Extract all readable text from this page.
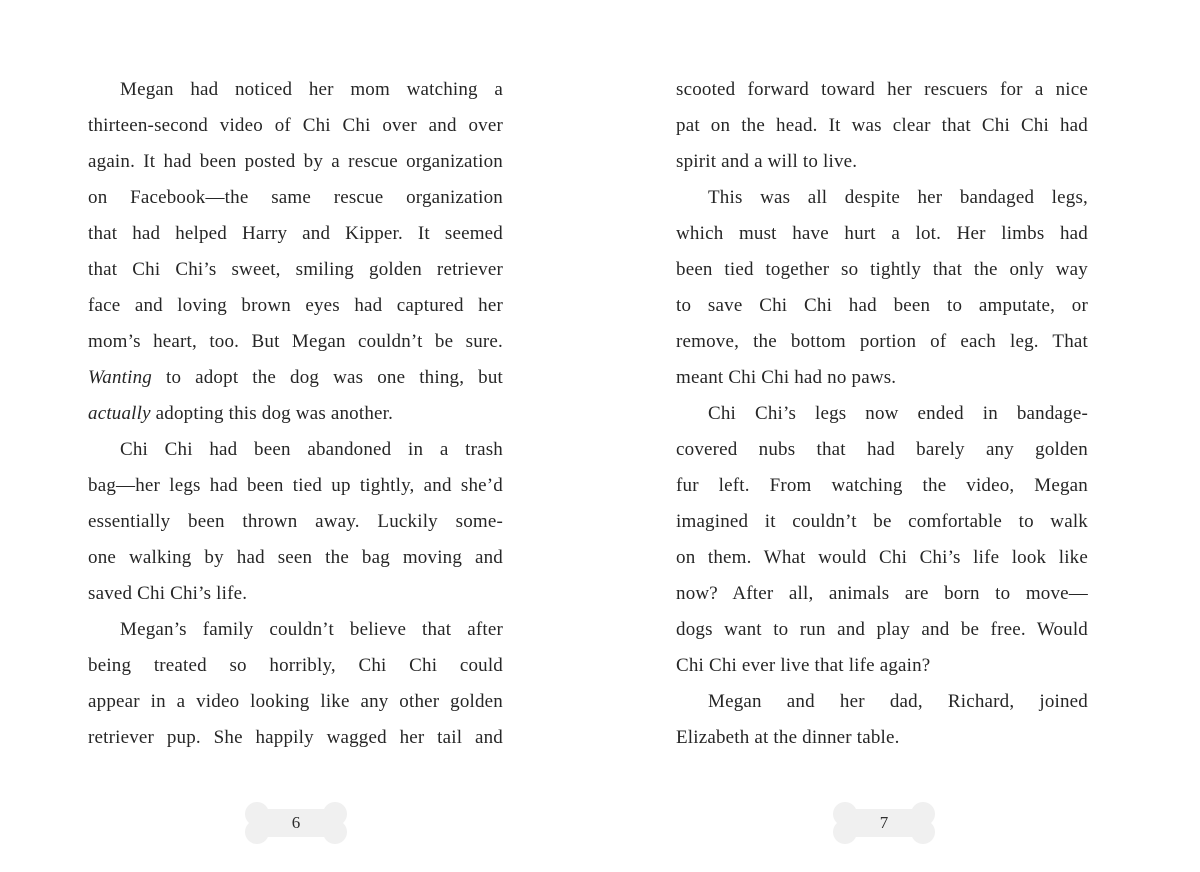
Megan had noticed her mom watching a
thirteen-second video of Chi Chi over and over
again. It had been posted by a rescue organization
on Facebook—the same rescue organization
that had helped Harry and Kipper. It seemed
that Chi Chi’s sweet, smiling golden retriever
face and loving brown eyes had captured her
mom’s heart, too. But Megan couldn’t be sure.
Wanting to adopt the dog was one thing, but
actually adopting this dog was another.
Chi Chi had been abandoned in a trash
bag—her legs had been tied up tightly, and she’d
essentially been thrown away. Luckily some-
one walking by had seen the bag moving and
saved Chi Chi’s life.
Megan’s family couldn’t believe that after
being treated so horribly, Chi Chi could
appear in a video looking like any other golden
retriever pup. She happily wagged her tail and
6
scooted forward toward her rescuers for a nice
pat on the head. It was clear that Chi Chi had
spirit and a will to live.
This was all despite her bandaged legs,
which must have hurt a lot. Her limbs had
been tied together so tightly that the only way
to save Chi Chi had been to amputate, or
remove, the bottom portion of each leg. That
meant Chi Chi had no paws.
Chi Chi’s legs now ended in bandage-
covered nubs that had barely any golden
fur left. From watching the video, Megan
imagined it couldn’t be comfortable to walk
on them. What would Chi Chi’s life look like
now? After all, animals are born to move—
dogs want to run and play and be free. Would
Chi Chi ever live that life again?
Megan and her dad, Richard, joined
Elizabeth at the dinner table.
7
